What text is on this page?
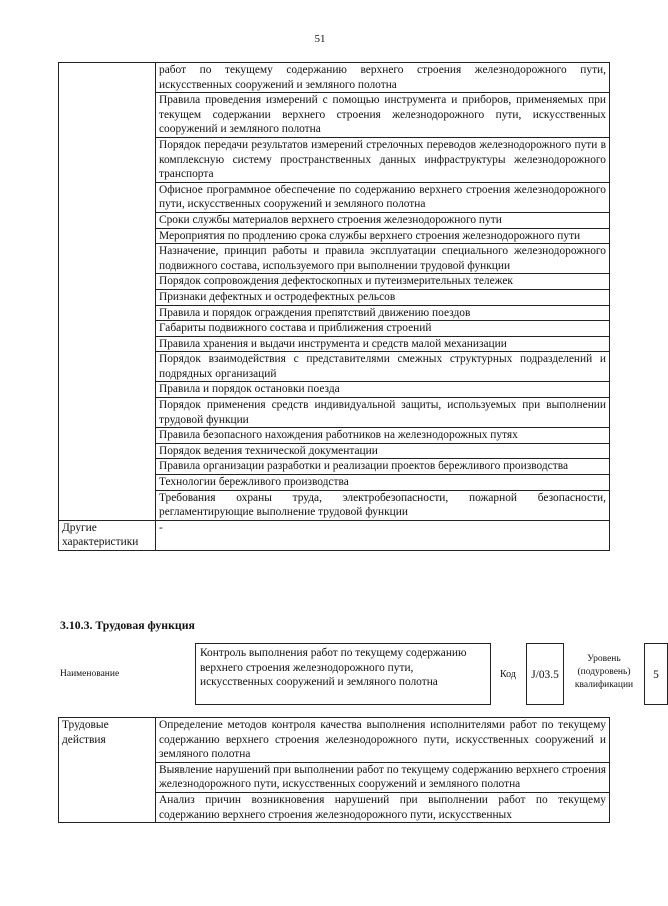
51
	работ по текущему содержанию верхнего строения железнодорожного пути, искусственных сооружений и земляного полотна
	Правила проведения измерений с помощью инструмента и приборов, применяемых при текущем содержании верхнего строения железнодорожного пути, искусственных сооружений и земляного полотна
	Порядок передачи результатов измерений стрелочных переводов железнодорожного пути в комплексную систему пространственных данных инфраструктуры железнодорожного транспорта
	Офисное программное обеспечение по содержанию верхнего строения железнодорожного пути, искусственных сооружений и земляного полотна
	Сроки службы материалов верхнего строения железнодорожного пути
	Мероприятия по продлению срока службы верхнего строения железнодорожного пути
	Назначение, принцип работы и правила эксплуатации специального железнодорожного подвижного состава, используемого при выполнении трудовой функции
	Порядок сопровождения дефектоскопных и путеизмерительных тележек
	Признаки дефектных и остродефектных рельсов
	Правила и порядок ограждения препятствий движению поездов
	Габариты подвижного состава и приближения строений
	Правила хранения и выдачи инструмента и средств малой механизации
	Порядок взаимодействия с представителями смежных структурных подразделений и подрядных организаций
	Правила и порядок остановки поезда
	Порядок применения средств индивидуальной защиты, используемых при выполнении трудовой функции
	Правила безопасного нахождения работников на железнодорожных путях
	Порядок ведения технической документации
	Правила организации разработки и реализации проектов бережливого производства
	Технологии бережливого производства
	Требования охраны труда, электробезопасности, пожарной безопасности, регламентирующие выполнение трудовой функции
Другие характеристики	-
3.10.3. Трудовая функция
Наименование
Контроль выполнения работ по текущему содержанию верхнего строения железнодорожного пути, искусственных сооружений и земляного полотна
Код	J/03.5
Уровень (подуровень) квалификации
5
Трудовые действия	Определение методов контроля качества выполнения исполнителями работ по текущему содержанию верхнего строения железнодорожного пути, искусственных сооружений и земляного полотна
Выявление нарушений при выполнении работ по текущему содержанию верхнего строения железнодорожного пути, искусственных сооружений и земляного полотна
Анализ причин возникновения нарушений при выполнении работ по текущему содержанию верхнего строения железнодорожного пути, искусственных
